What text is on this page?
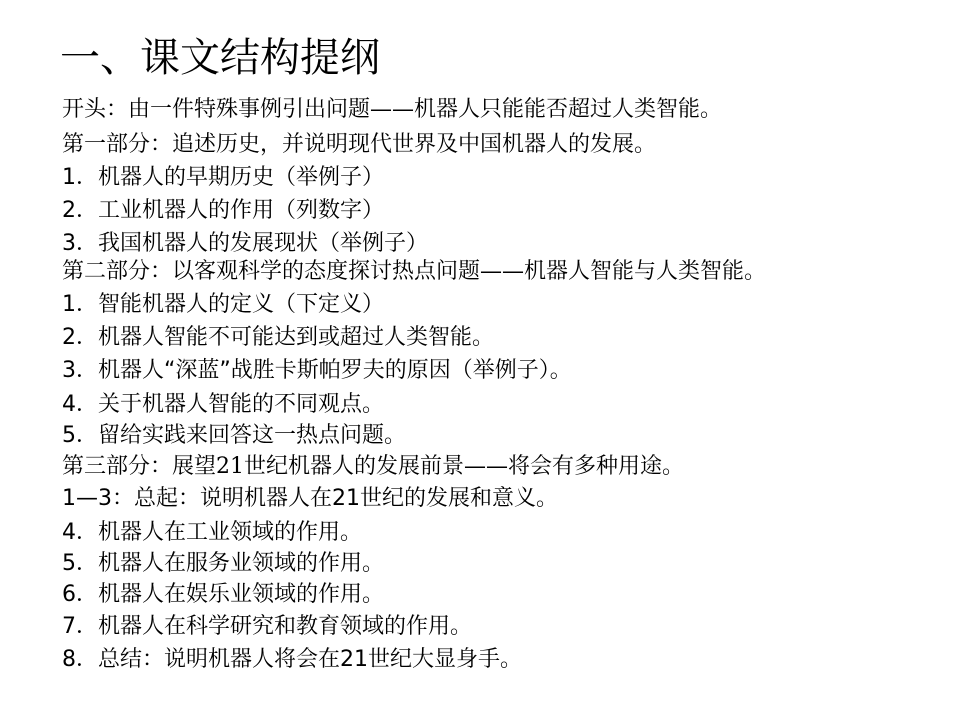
一、课文结构提纲
开头：由一件特殊事例引出问题——机器人只能能否超过人类智能。
第一部分：追述历史，并说明现代世界及中国机器人的发展。
1．机器人的早期历史（举例子）
2．工业机器人的作用（列数字）
3．我国机器人的发展现状（举例子）
第二部分：以客观科学的态度探讨热点问题——机器人智能与人类智能。
1．智能机器人的定义（下定义）
2．机器人智能不可能达到或超过人类智能。
3．机器人“深蓝”战胜卡斯帕罗夫的原因（举例子）。
4．关于机器人智能的不同观点。
5．留给实践来回答这一热点问题。
第三部分：展望21世纪机器人的发展前景——将会有多种用途。
1—3：总起：说明机器人在21世纪的发展和意义。
4．机器人在工业领域的作用。
5．机器人在服务业领域的作用。
6．机器人在娱乐业领域的作用。
7．机器人在科学研究和教育领域的作用。
8．总结：说明机器人将会在21世纪大显身手。
